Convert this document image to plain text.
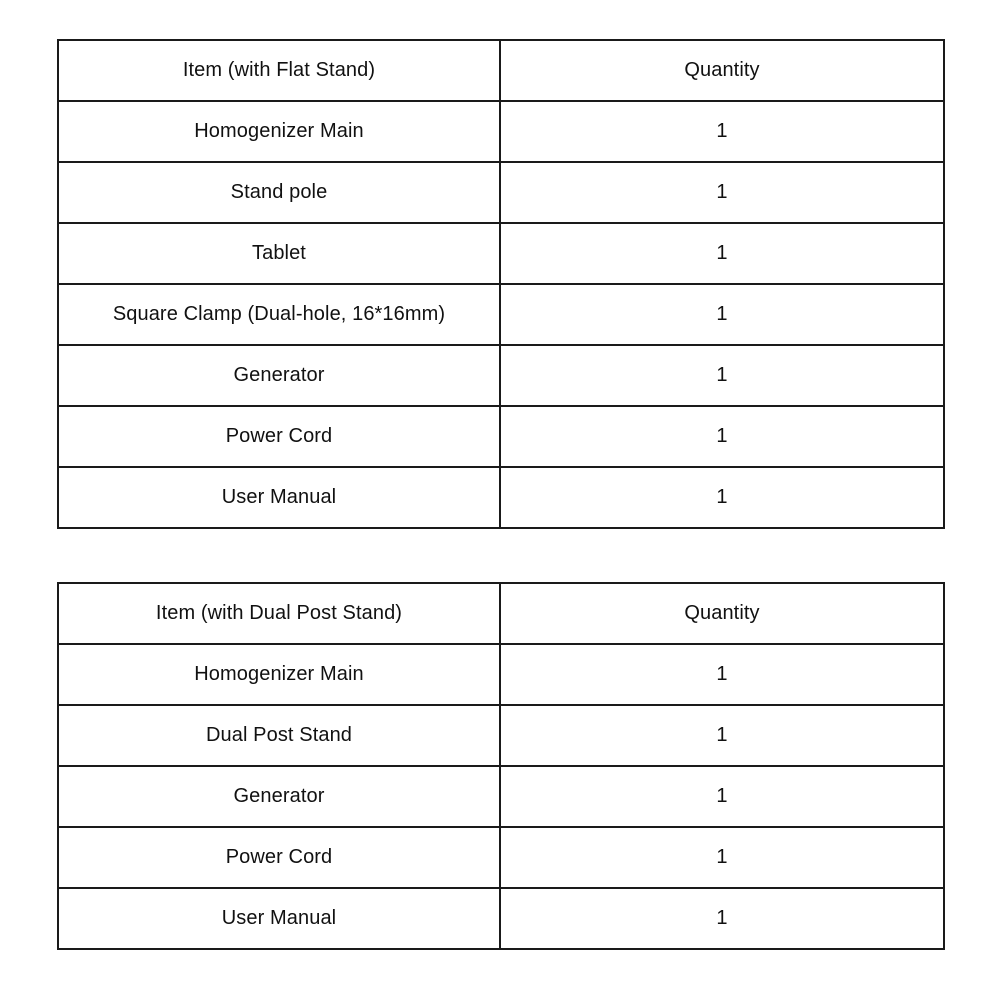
Item (with Flat Stand)	Quantity
Homogenizer Main	1
Stand pole	1
Tablet	1
Square Clamp (Dual-hole, 16*16mm)	1
Generator	1
Power Cord	1
User Manual	1
Item (with Dual Post Stand)	Quantity
Homogenizer Main	1
Dual Post Stand	1
Generator	1
Power Cord	1
User Manual	1
